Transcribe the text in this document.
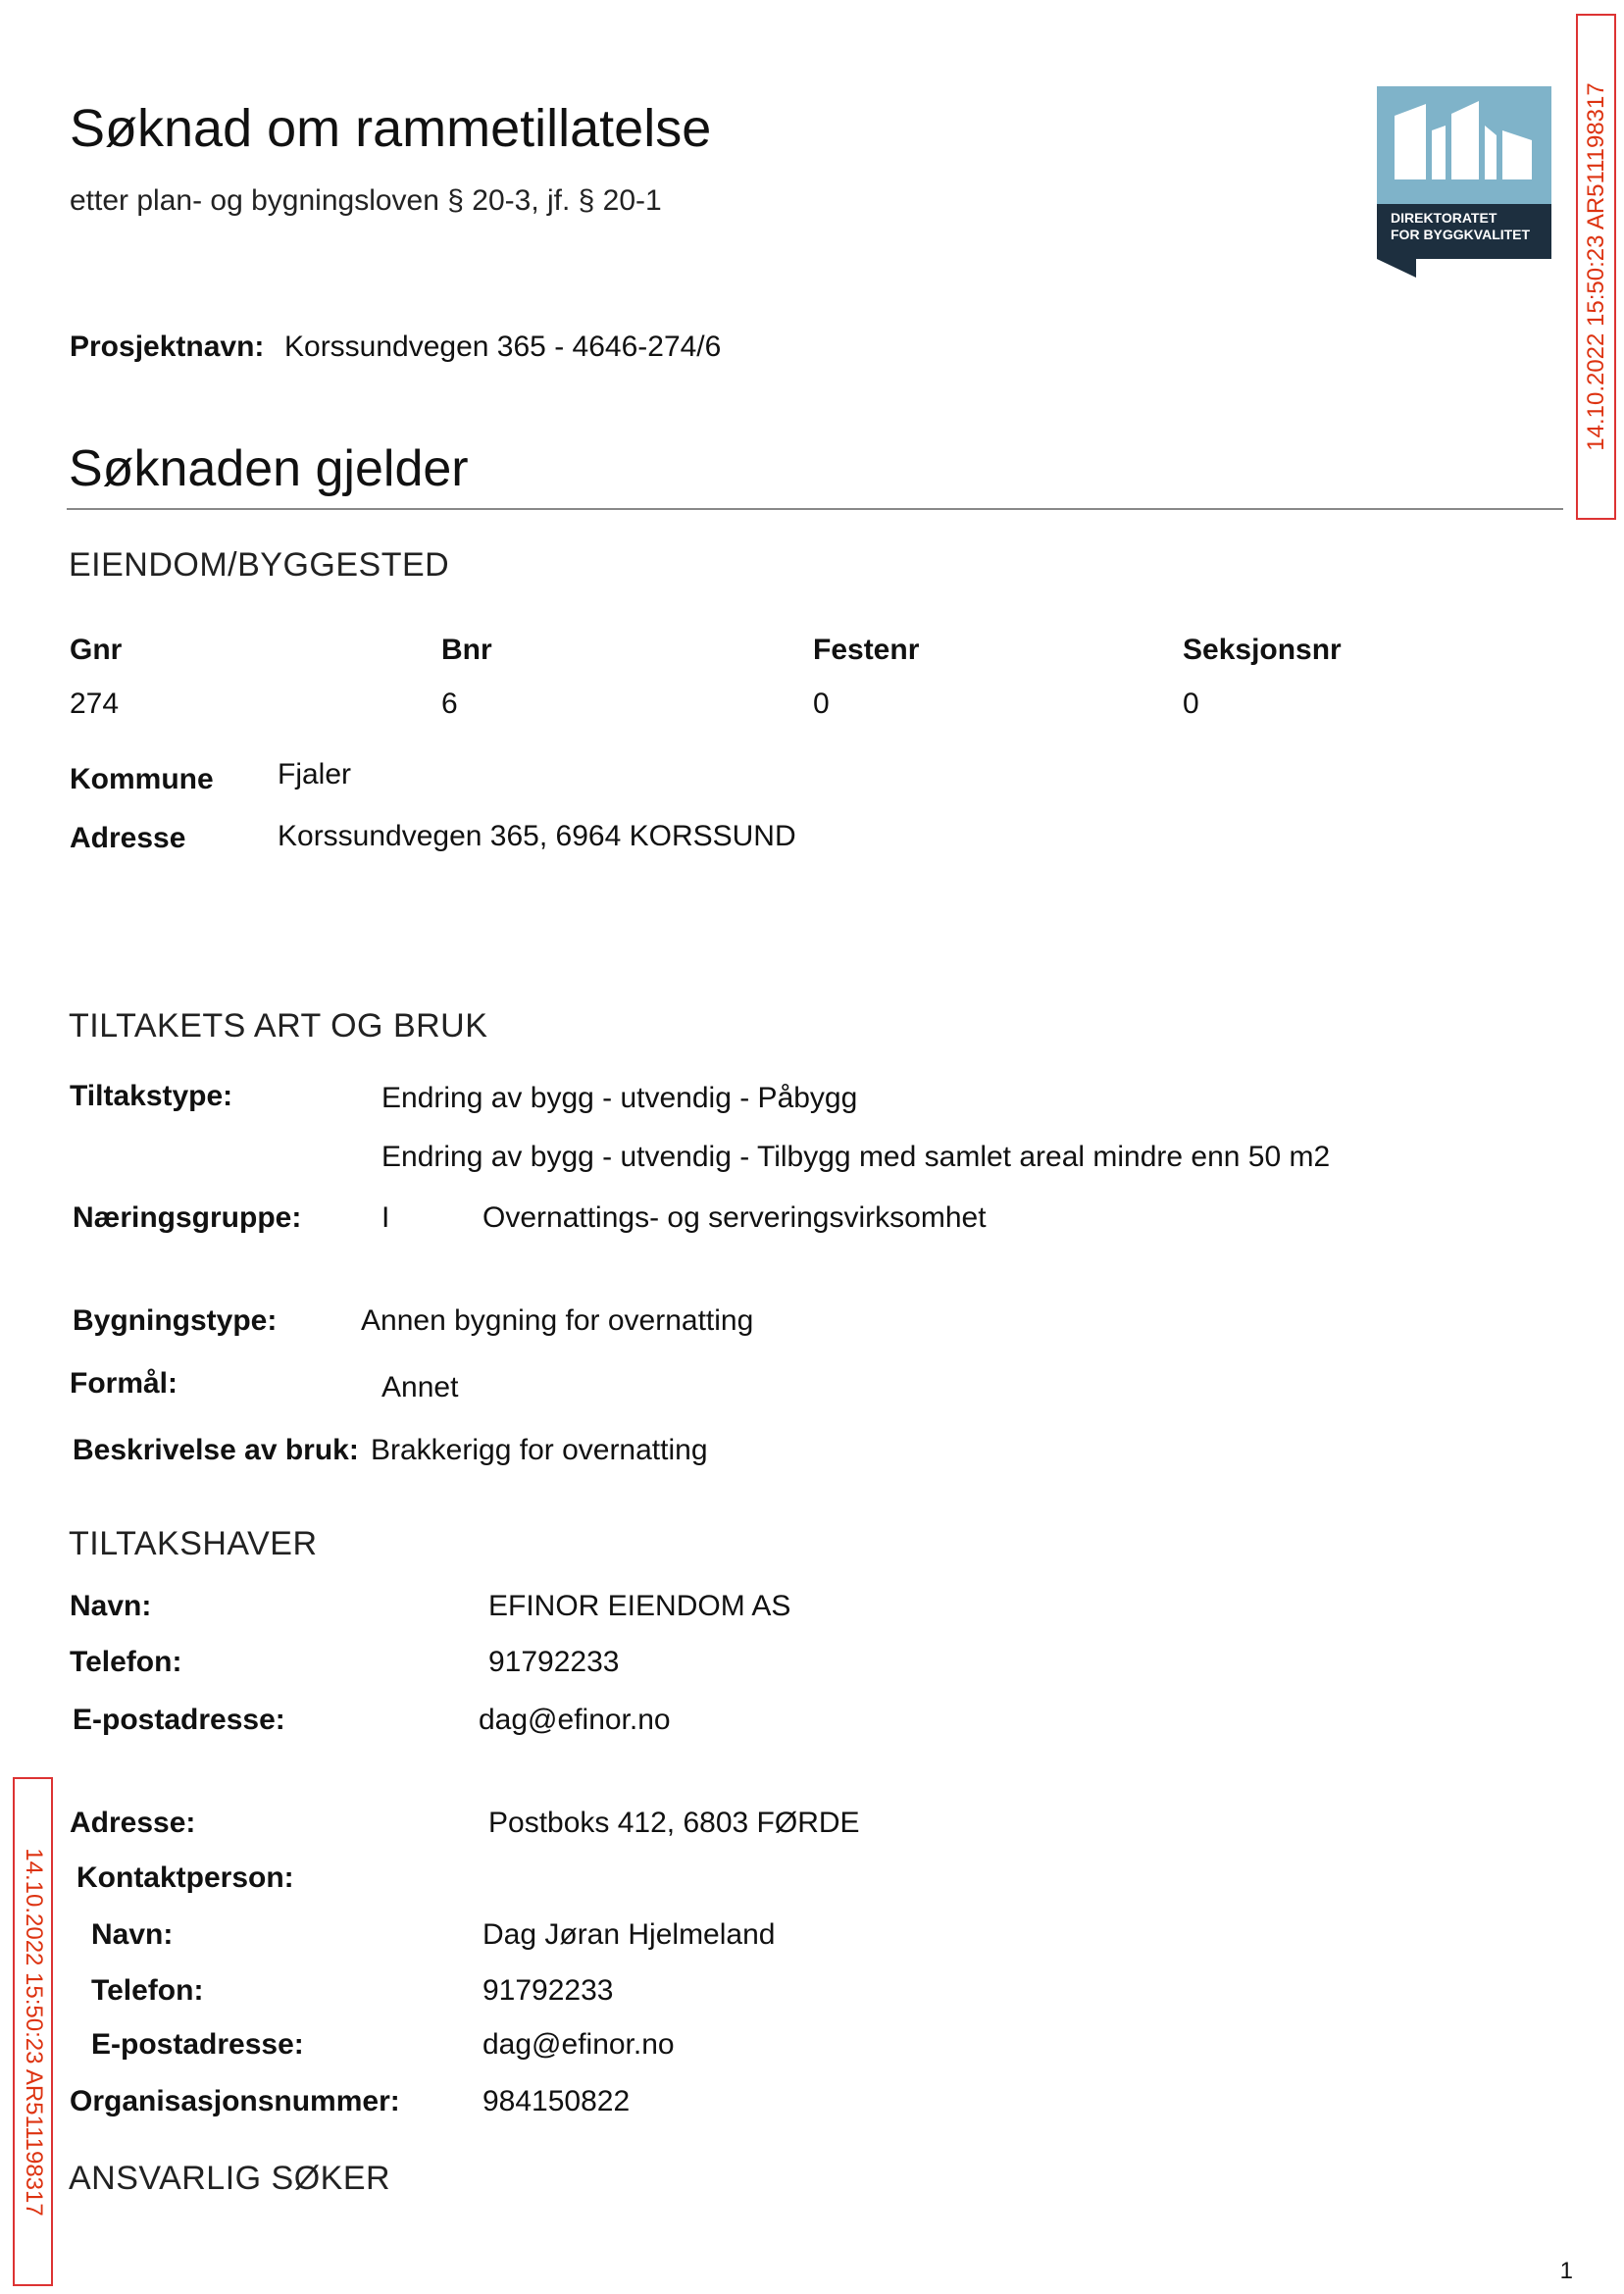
Søknad om rammetillatelse
etter plan- og bygningsloven § 20-3, jf. § 20-1
DIREKTORATET
FOR BYGGKVALITET 14.10.2022 15:50:23 AR511198317
14.10.2022 15:50:23 AR511198317
Prosjektnavn: Korssundvegen 365 - 4646-274/6
Søknaden gjelder
EIENDOM/BYGGESTED
Gnr	Bnr	Festenr	Seksjonsnr
274	6	0	0
Kommune Fjaler
Adresse	Korssundvegen 365, 6964 KORSSUND
TILTAKETS ART OG BRUK
Tiltakstype:	Endring av bygg - utvendig - Påbygg
Endring av bygg - utvendig - Tilbygg med samlet areal mindre enn 50 m2
Næringsgruppe:	I	Overnattings- og serveringsvirksomhet
Bygningstype:	Annen bygning for overnatting
Formål:	Annet
Beskrivelse av bruk: Brakkerigg for overnatting
TILTAKSHAVER
Navn:	EFINOR EIENDOM AS
Telefon:	91792233
E-postadresse:	dag@efinor.no
Adresse:	Postboks 412, 6803 FØRDE
Kontaktperson:
Navn:	Dag Jøran Hjelmeland
Telefon:	91792233
E-postadresse:	dag@efinor.no
Organisasjonsnummer:	984150822
ANSVARLIG SØKER
1
